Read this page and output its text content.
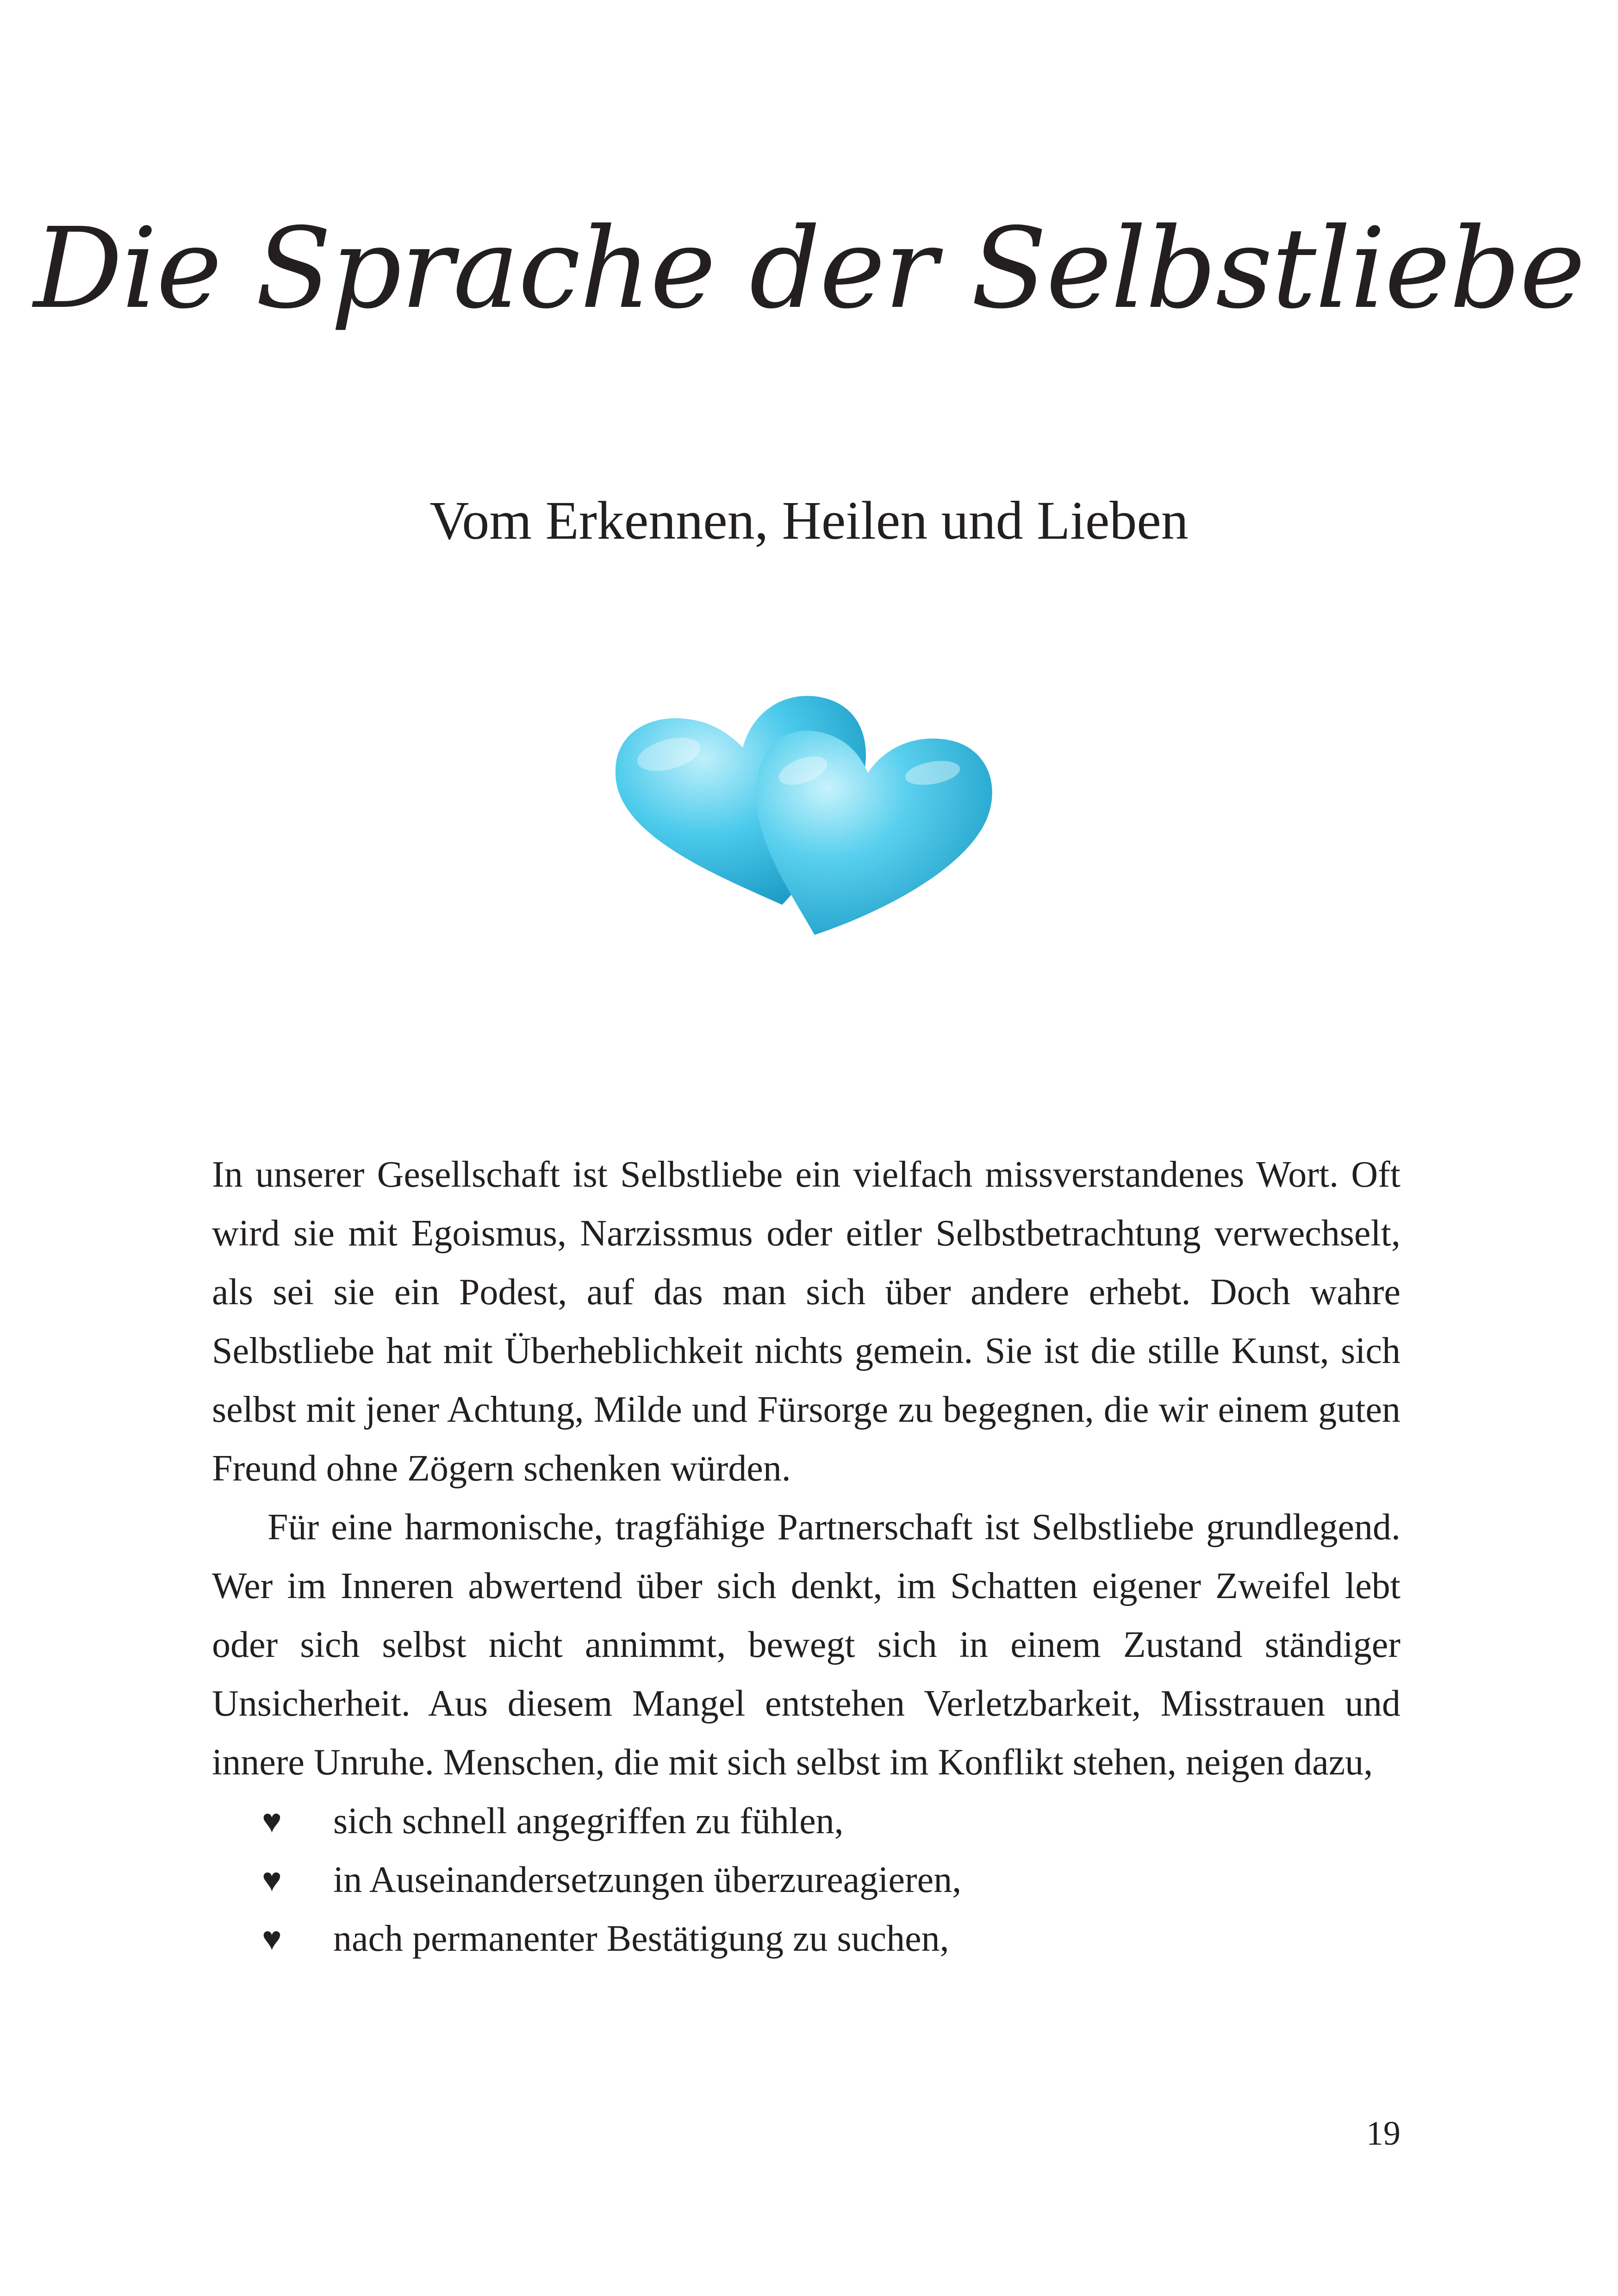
Die Sprache der Selbstliebe
Vom Erkennen, Heilen und Lieben

In unserer Gesellschaft ist Selbstliebe ein vielfach missverstandenes Wort. Oft wird sie mit Egoismus, Narzissmus oder eitler Selbstbetrachtung verwechselt, als sei sie ein Podest, auf das man sich über andere erhebt. Doch wahre Selbstliebe hat mit Überheblichkeit nichts gemein. Sie ist die stille Kunst, sich selbst mit jener Achtung, Milde und Fürsorge zu begegnen, die wir einem guten Freund ohne Zögern schenken würden.

Für eine harmonische, tragfähige Partnerschaft ist Selbstliebe grundlegend. Wer im Inneren abwertend über sich denkt, im Schatten eigener Zweifel lebt oder sich selbst nicht annimmt, bewegt sich in einem Zustand ständiger Unsicherheit. Aus diesem Mangel entstehen Verletzbarkeit, Misstrauen und innere Unruhe. Menschen, die mit sich selbst im Konflikt stehen, neigen dazu,

♥ sich schnell angegriffen zu fühlen,
♥ in Auseinandersetzungen überzureagieren,
♥ nach permanenter Bestätigung zu suchen,
19
